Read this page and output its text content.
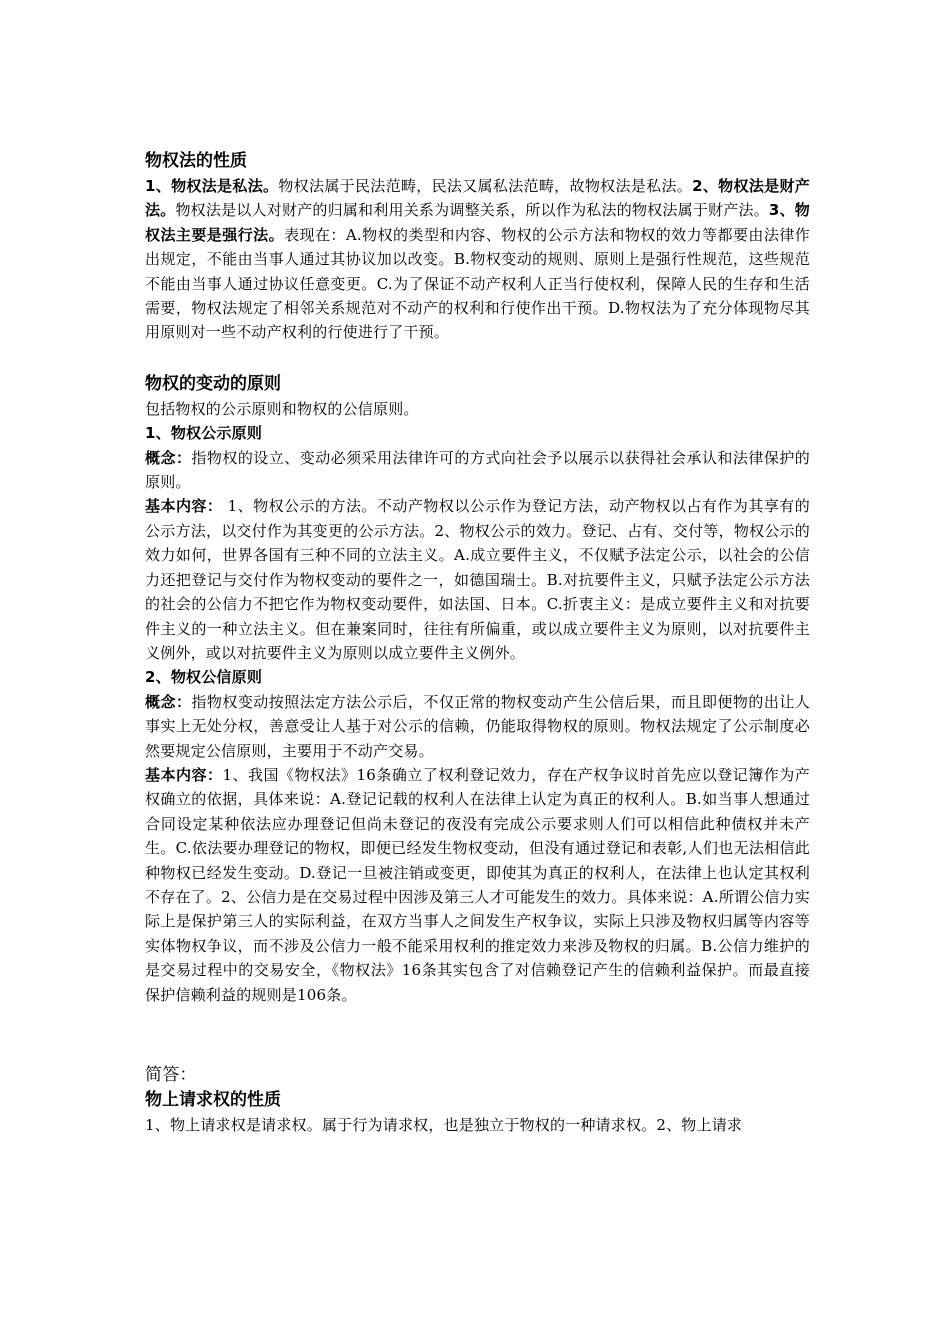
物权法的性质

1、物权法是私法。物权法属于民法范畴，民法又属私法范畴，故物权法是私法。2、物权法是财产法。物权法是以人对财产的归属和利用关系为调整关系，所以作为私法的物权法属于财产法。3、物权法主要是强行法。表现在：A.物权的类型和内容、物权的公示方法和物权的效力等都要由法律作出规定，不能由当事人通过其协议加以改变。B.物权变动的规则、原则上是强行性规范，这些规范不能由当事人通过协议任意变更。C.为了保证不动产权利人正当行使权利，保障人民的生存和生活需要，物权法规定了相邻关系规范对不动产的权利和行使作出干预。D.物权法为了充分体现物尽其用原则对一些不动产权利的行使进行了干预。

物权的变动的原则

包括物权的公示原则和物权的公信原则。

1、物权公示原则

概念：指物权的设立、变动必须采用法律许可的方式向社会予以展示以获得社会承认和法律保护的原则。

基本内容： 1、物权公示的方法。不动产物权以公示作为登记方法，动产物权以占有作为其享有的公示方法，以交付作为其变更的公示方法。2、物权公示的效力。登记、占有、交付等，物权公示的效力如何，世界各国有三种不同的立法主义。A.成立要件主义，不仅赋予法定公示，以社会的公信力还把登记与交付作为物权变动的要件之一，如德国瑞士。B.对抗要件主义，只赋予法定公示方法的社会的公信力不把它作为物权变动要件，如法国、日本。C.折衷主义：是成立要件主义和对抗要件主义的一种立法主义。但在兼案同时，往往有所偏重，或以成立要件主义为原则，以对抗要件主义例外，或以对抗要件主义为原则以成立要件主义例外。

2、物权公信原则

概念：指物权变动按照法定方法公示后，不仅正常的物权变动产生公信后果，而且即便物的出让人事实上无处分权，善意受让人基于对公示的信赖，仍能取得物权的原则。物权法规定了公示制度必然要规定公信原则，主要用于不动产交易。

基本内容：1、我国《物权法》16条确立了权利登记效力，存在产权争议时首先应以登记簿作为产权确立的依据，具体来说：A.登记记载的权利人在法律上认定为真正的权利人。B.如当事人想通过合同设定某种依法应办理登记但尚未登记的夜没有完成公示要求则人们可以相信此种债权并未产生。C.依法要办理登记的物权，即便已经发生物权变动，但没有通过登记和表彰,人们也无法相信此种物权已经发生变动。D.登记一旦被注销或变更，即使其为真正的权利人，在法律上也认定其权利不存在了。2、公信力是在交易过程中因涉及第三人才可能发生的效力。具体来说：A.所谓公信力实际上是保护第三人的实际利益，在双方当事人之间发生产权争议，实际上只涉及物权归属等内容等实体物权争议，而不涉及公信力一般不能采用权利的推定效力来涉及物权的归属。B.公信力维护的是交易过程中的交易安全，《物权法》16条其实包含了对信赖登记产生的信赖利益保护。而最直接保护信赖利益的规则是106条。

简答：

物上请求权的性质

1、物上请求权是请求权。属于行为请求权，也是独立于物权的一种请求权。2、物上请求
